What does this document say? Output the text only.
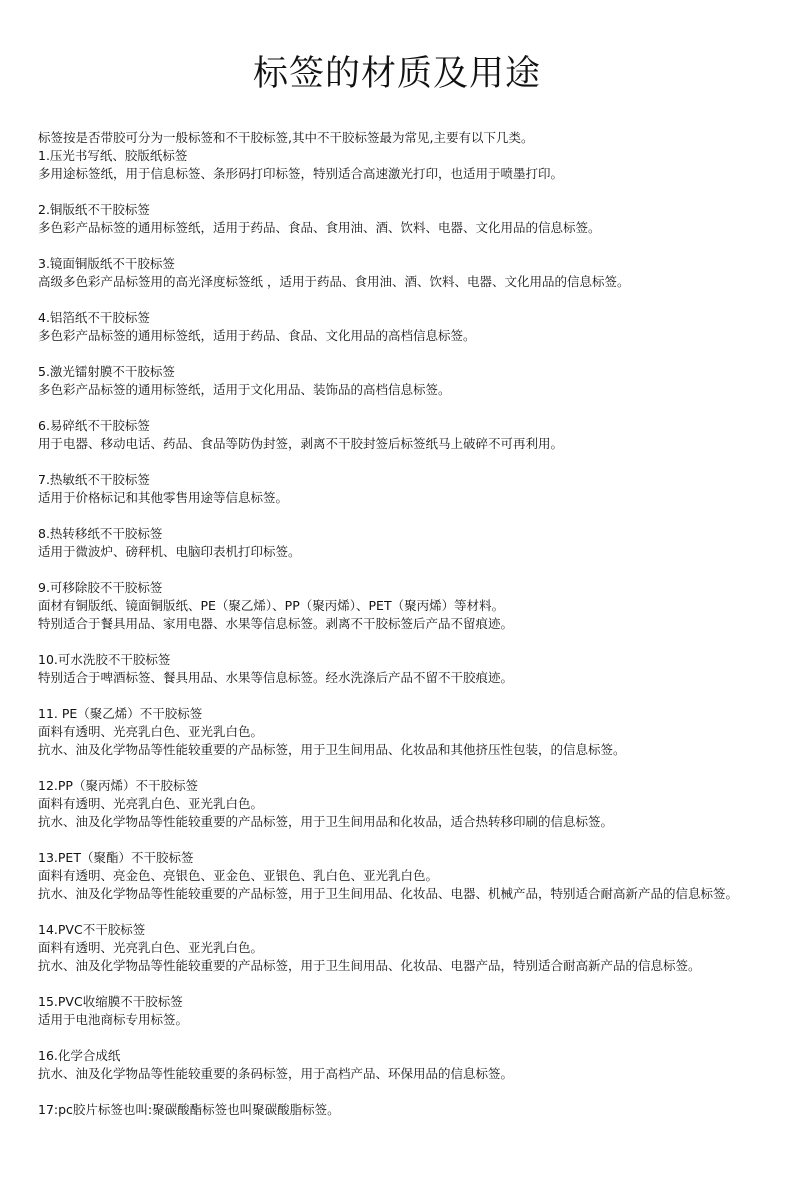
标签的材质及用途
标签按是否带胶可分为一般标签和不干胶标签,其中不干胶标签最为常见,主要有以下几类。
1.压光书写纸、胶版纸标签
多用途标签纸，用于信息标签、条形码打印标签，特别适合高速激光打印，也适用于喷墨打印。
2.铜版纸不干胶标签
多色彩产品标签的通用标签纸，适用于药品、食品、食用油、酒、饮料、电器、文化用品的信息标签。
3.镜面铜版纸不干胶标签
高级多色彩产品标签用的高光泽度标签纸 ，适用于药品、食用油、酒、饮料、电器、文化用品的信息标签。
4.铝箔纸不干胶标签
多色彩产品标签的通用标签纸，适用于药品、食品、文化用品的高档信息标签。
5.激光镭射膜不干胶标签
多色彩产品标签的通用标签纸，适用于文化用品、装饰品的高档信息标签。
6.易碎纸不干胶标签
用于电器、移动电话、药品、食品等防伪封签，剥离不干胶封签后标签纸马上破碎不可再利用。
7.热敏纸不干胶标签
适用于价格标记和其他零售用途等信息标签。
8.热转移纸不干胶标签
适用于微波炉、磅秤机、电脑印表机打印标签。
9.可移除胶不干胶标签
面材有铜版纸、镜面铜版纸、PE（聚乙烯）、PP（聚丙烯）、PET（聚丙烯）等材料。
特别适合于餐具用品、家用电器、水果等信息标签。剥离不干胶标签后产品不留痕迹。
10.可水洗胶不干胶标签
特别适合于啤酒标签、餐具用品、水果等信息标签。经水洗涤后产品不留不干胶痕迹。
11. PE（聚乙烯）不干胶标签
面料有透明、光亮乳白色、亚光乳白色。
抗水、油及化学物品等性能较重要的产品标签，用于卫生间用品、化妆品和其他挤压性包装，的信息标签。
12.PP（聚丙烯）不干胶标签
面料有透明、光亮乳白色、亚光乳白色。
抗水、油及化学物品等性能较重要的产品标签，用于卫生间用品和化妆品，适合热转移印刷的信息标签。
13.PET（聚酯）不干胶标签
面料有透明、亮金色、亮银色、亚金色、亚银色、乳白色、亚光乳白色。
抗水、油及化学物品等性能较重要的产品标签，用于卫生间用品、化妆品、电器、机械产品，特别适合耐高新产品的信息标签。
14.PVC不干胶标签
面料有透明、光亮乳白色、亚光乳白色。
抗水、油及化学物品等性能较重要的产品标签，用于卫生间用品、化妆品、电器产品，特别适合耐高新产品的信息标签。
15.PVC收缩膜不干胶标签
适用于电池商标专用标签。
16.化学合成纸
抗水、油及化学物品等性能较重要的条码标签，用于高档产品、环保用品的信息标签。
17:pc胶片标签也叫:聚碳酸酯标签也叫聚碳酸脂标签。
